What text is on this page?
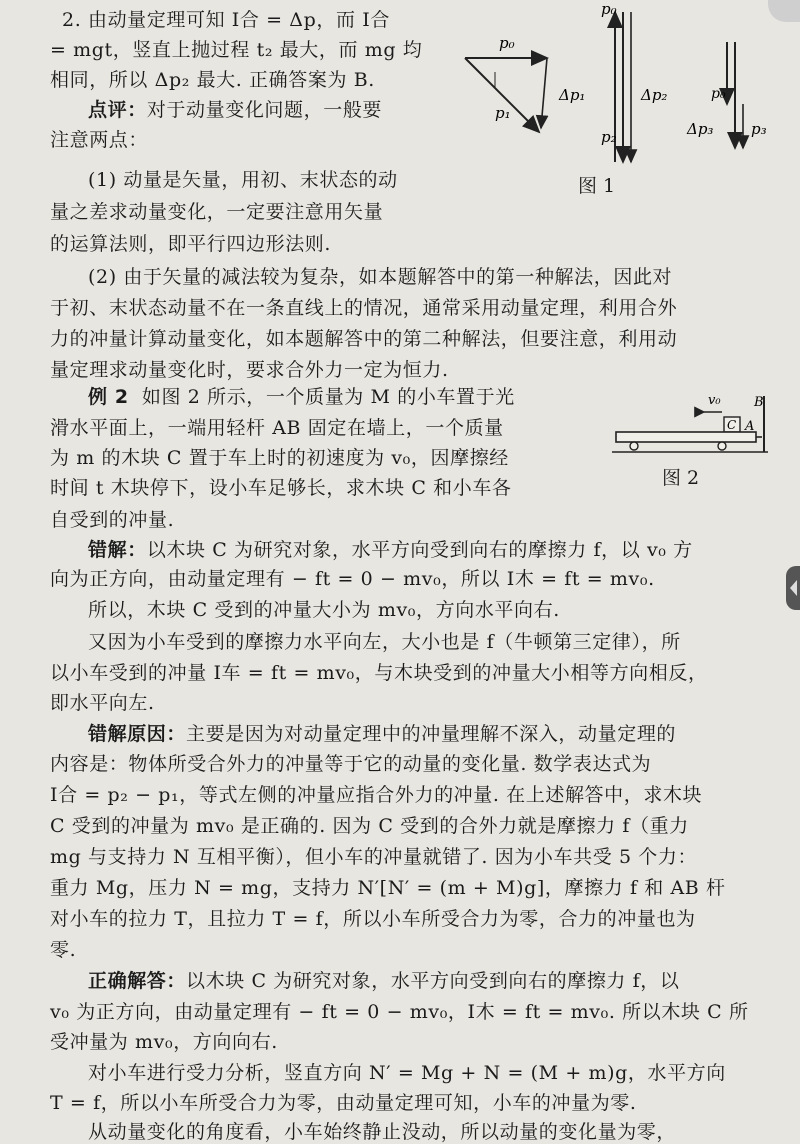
2. 由动量定理可知 I合 = Δp，而 I合

= mgt，竖直上抛过程 t₂ 最大，而 mg 均

相同，所以 Δp₂ 最大. 正确答案为 B.

点评：对于动量变化问题，一般要

注意两点：

(1) 动量是矢量，用初、末状态的动

量之差求动量变化，一定要注意用矢量

的运算法则，即平行四边形法则.

(2) 由于矢量的减法较为复杂，如本题解答中的第一种解法，因此对

于初、末状态动量不在一条直线上的情况，通常采用动量定理，利用合外

力的冲量计算动量变化，如本题解答中的第二种解法，但要注意，利用动

量定理求动量变化时，要求合外力一定为恒力.

p₀
p₁
Δp₁
p₀
p₂
Δp₂	p₀
Δp₃	p₃
图 1

例 2 如图 2 所示，一个质量为 M 的小车置于光

滑水平面上，一端用轻杆 AB 固定在墙上，一个质量

为 m 的木块 C 置于车上时的初速度为 v₀，因摩擦经

时间 t 木块停下，设小车足够长，求木块 C 和小车各

自受到的冲量.

v₀
C A
B
图 2

错解：以木块 C 为研究对象，水平方向受到向右的摩擦力 f，以 v₀ 方

向为正方向，由动量定理有 − ft = 0 − mv₀，所以 I木 = ft = mv₀.

所以，木块 C 受到的冲量大小为 mv₀，方向水平向右.

又因为小车受到的摩擦力水平向左，大小也是 f（牛顿第三定律），所

以小车受到的冲量 I车 = ft = mv₀，与木块受到的冲量大小相等方向相反，

即水平向左.

错解原因：主要是因为对动量定理中的冲量理解不深入，动量定理的

内容是：物体所受合外力的冲量等于它的动量的变化量. 数学表达式为

I合 = p₂ − p₁，等式左侧的冲量应指合外力的冲量. 在上述解答中，求木块

C 受到的冲量为 mv₀ 是正确的. 因为 C 受到的合外力就是摩擦力 f（重力

mg 与支持力 N 互相平衡），但小车的冲量就错了. 因为小车共受 5 个力：

重力 Mg，压力 N = mg，支持力 N′[N′ = (m + M)g]，摩擦力 f 和 AB 杆

对小车的拉力 T，且拉力 T = f，所以小车所受合力为零，合力的冲量也为

零.

正确解答：以木块 C 为研究对象，水平方向受到向右的摩擦力 f，以

v₀ 为正方向，由动量定理有 − ft = 0 − mv₀，I木 = ft = mv₀. 所以木块 C 所

受冲量为 mv₀，方向向右.

对小车进行受力分析，竖直方向 N′ = Mg + N = (M + m)g，水平方向

T = f，所以小车所受合力为零，由动量定理可知，小车的冲量为零.

从动量变化的角度看，小车始终静止没动，所以动量的变化量为零，
